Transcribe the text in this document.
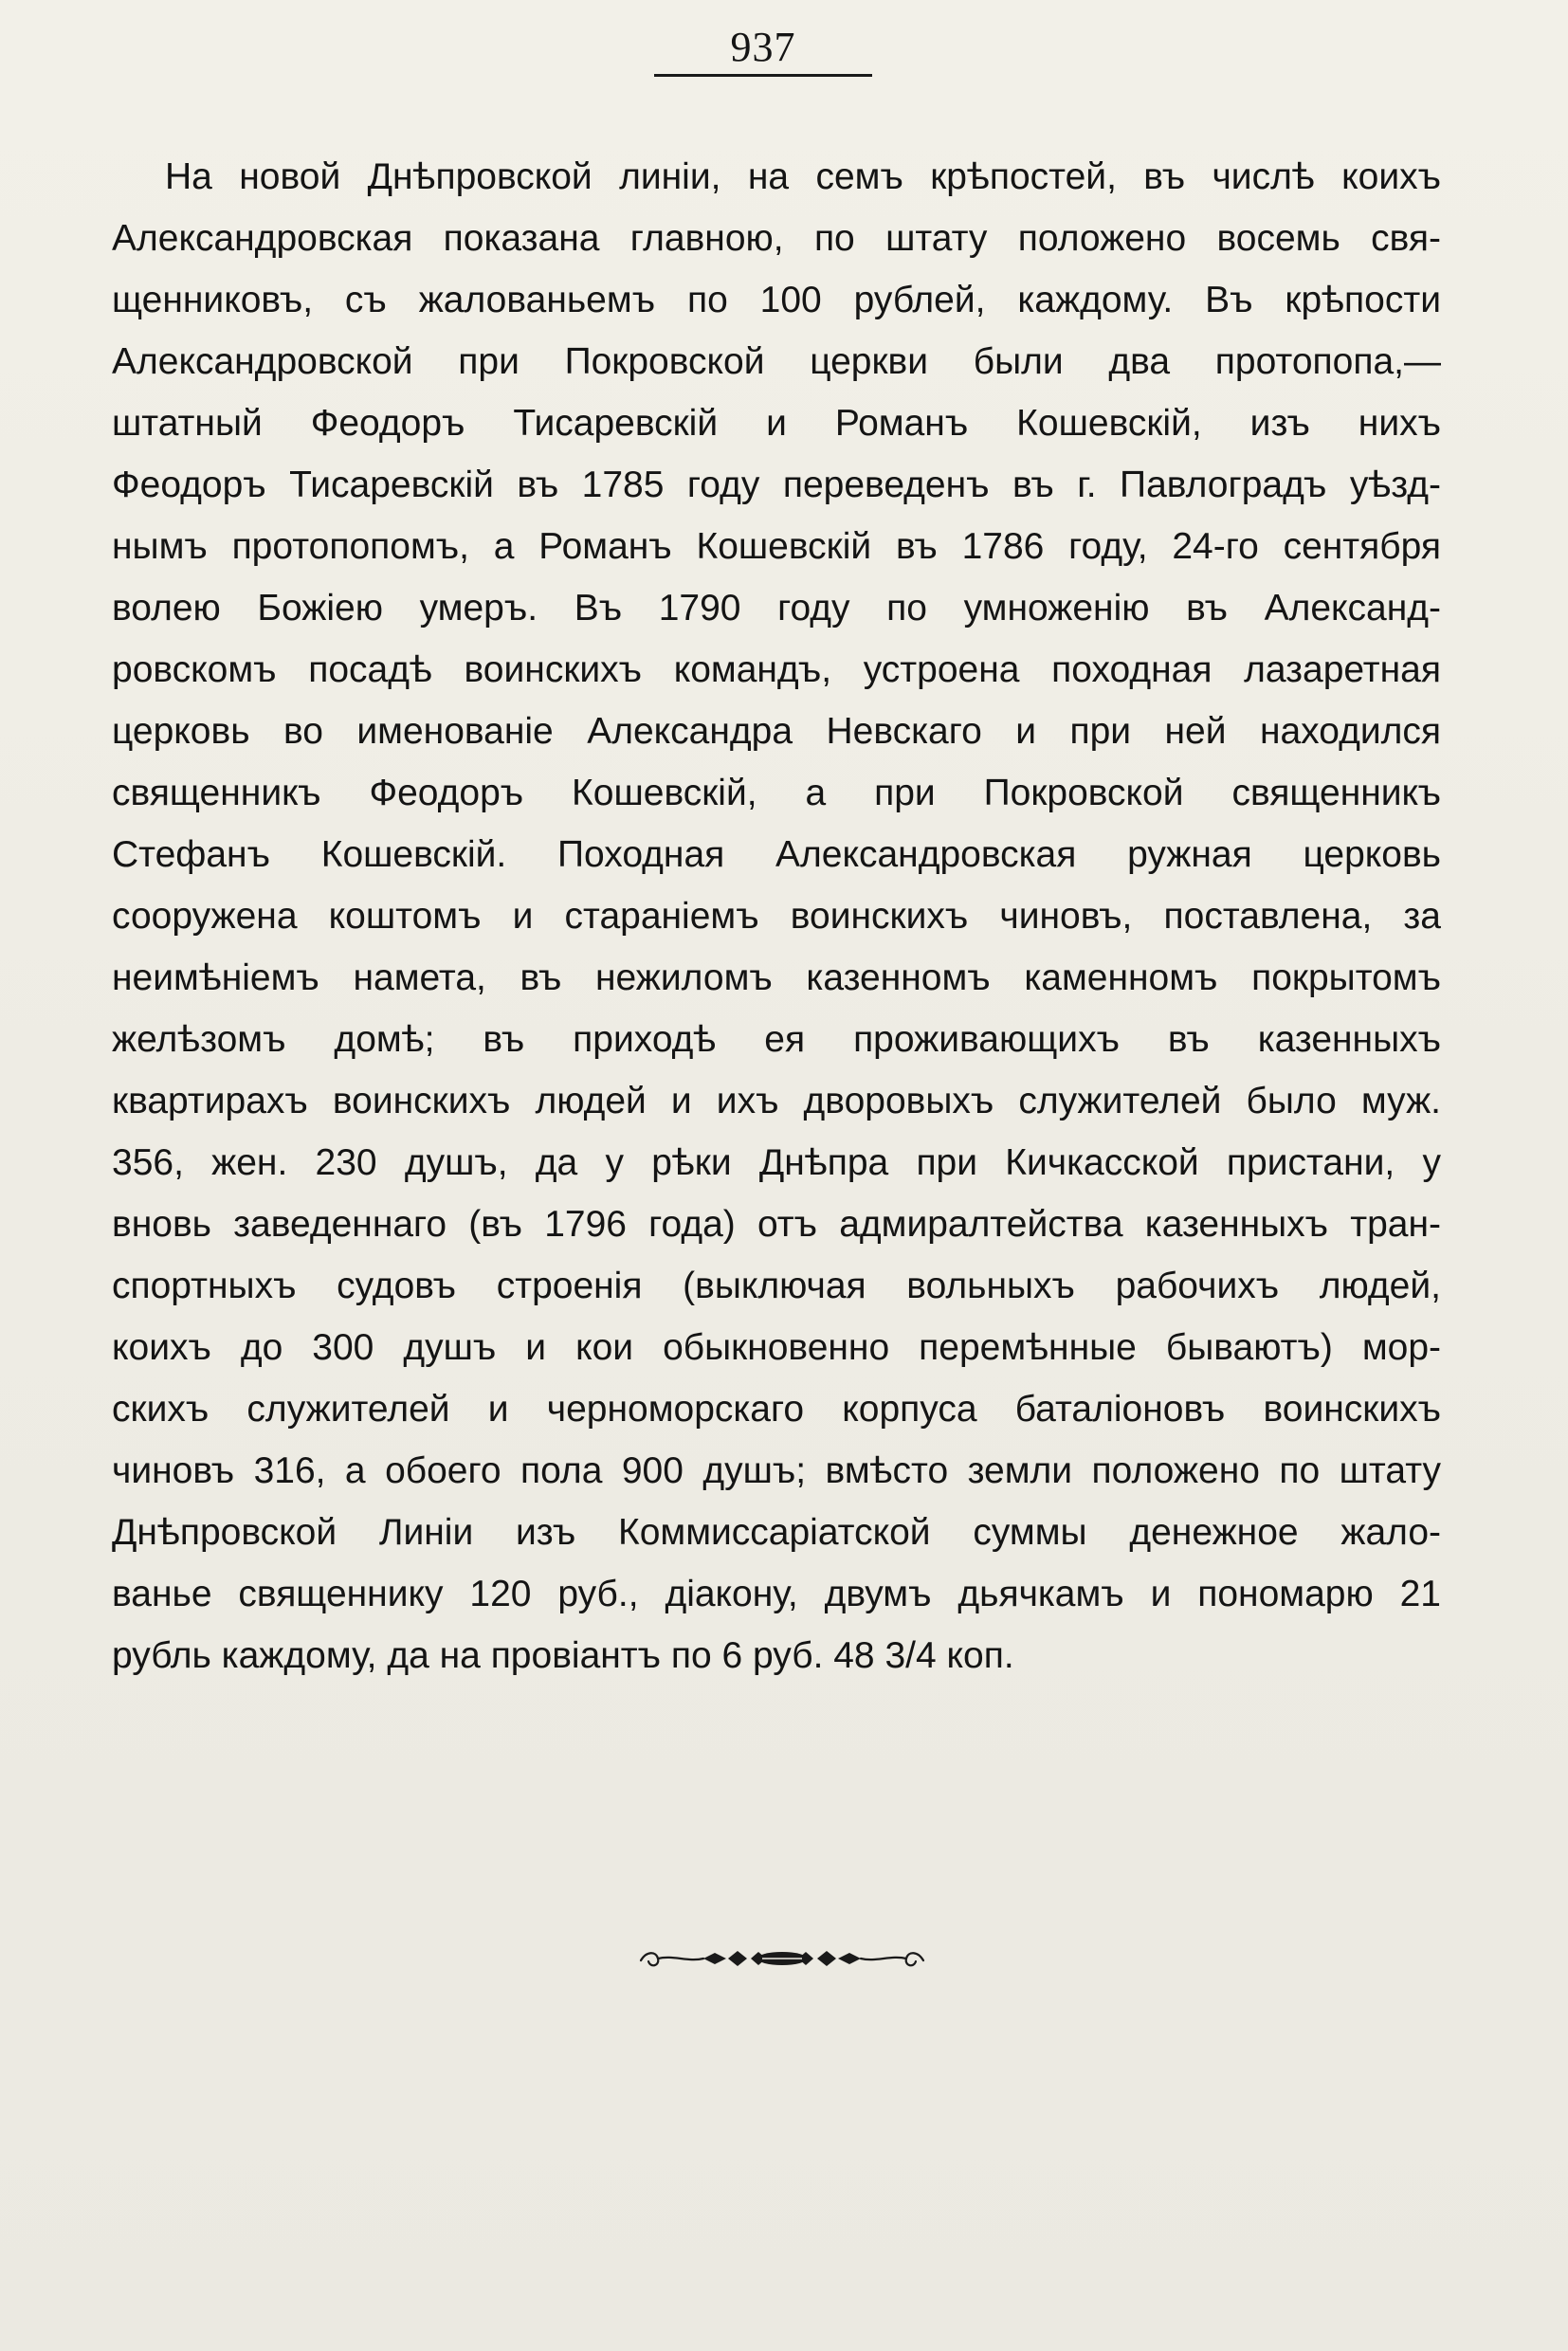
937
На новой Днѣпровской линіи, на семъ крѣпостей, въ числѣ коихъ
Александровская показана главною, по штату положено восемь свя-
щенниковъ, съ жалованьемъ по 100 рублей, каждому. Въ крѣпости
Александровской при Покровской церкви были два протопопа,—
штатный Феодоръ Тисаревскій и Романъ Кошевскій, изъ нихъ
Феодоръ Тисаревскій въ 1785 году переведенъ въ г. Павлоградъ уѣзд-
нымъ протопопомъ, а Романъ Кошевскій въ 1786 году, 24-го сентября
волею Божіею умеръ. Въ 1790 году по умноженію въ Александ-
ровскомъ посадѣ воинскихъ командъ, устроена походная лазаретная
церковь во именованіе Александра Невскаго и при ней находился
священникъ Феодоръ Кошевскій, а при Покровской священникъ
Стефанъ Кошевскій. Походная Александровская ружная церковь
сооружена коштомъ и стараніемъ воинскихъ чиновъ, поставлена, за
неимѣніемъ намета, въ нежиломъ казенномъ каменномъ покрытомъ
желѣзомъ домѣ; въ приходѣ ея проживающихъ въ казенныхъ
квартирахъ воинскихъ людей и ихъ дворовыхъ служителей было муж.
356, жен. 230 душъ, да у рѣки Днѣпра при Кичкасской пристани, у
вновь заведеннаго (въ 1796 года) отъ адмиралтейства казенныхъ тран-
спортныхъ судовъ строенія (выключая вольныхъ рабочихъ людей,
коихъ до 300 душъ и кои обыкновенно перемѣнные бываютъ) мор-
скихъ служителей и черноморскаго корпуса баталіоновъ воинскихъ
чиновъ 316, а обоего пола 900 душъ; вмѣсто земли положено по штату
Днѣпровской Линіи изъ Коммиссаріатской суммы денежное жало-
ванье священнику 120 руб., діакону, двумъ дьячкамъ и пономарю 21
рубль каждому, да на провіантъ по 6 руб. 48 3/4 коп.
